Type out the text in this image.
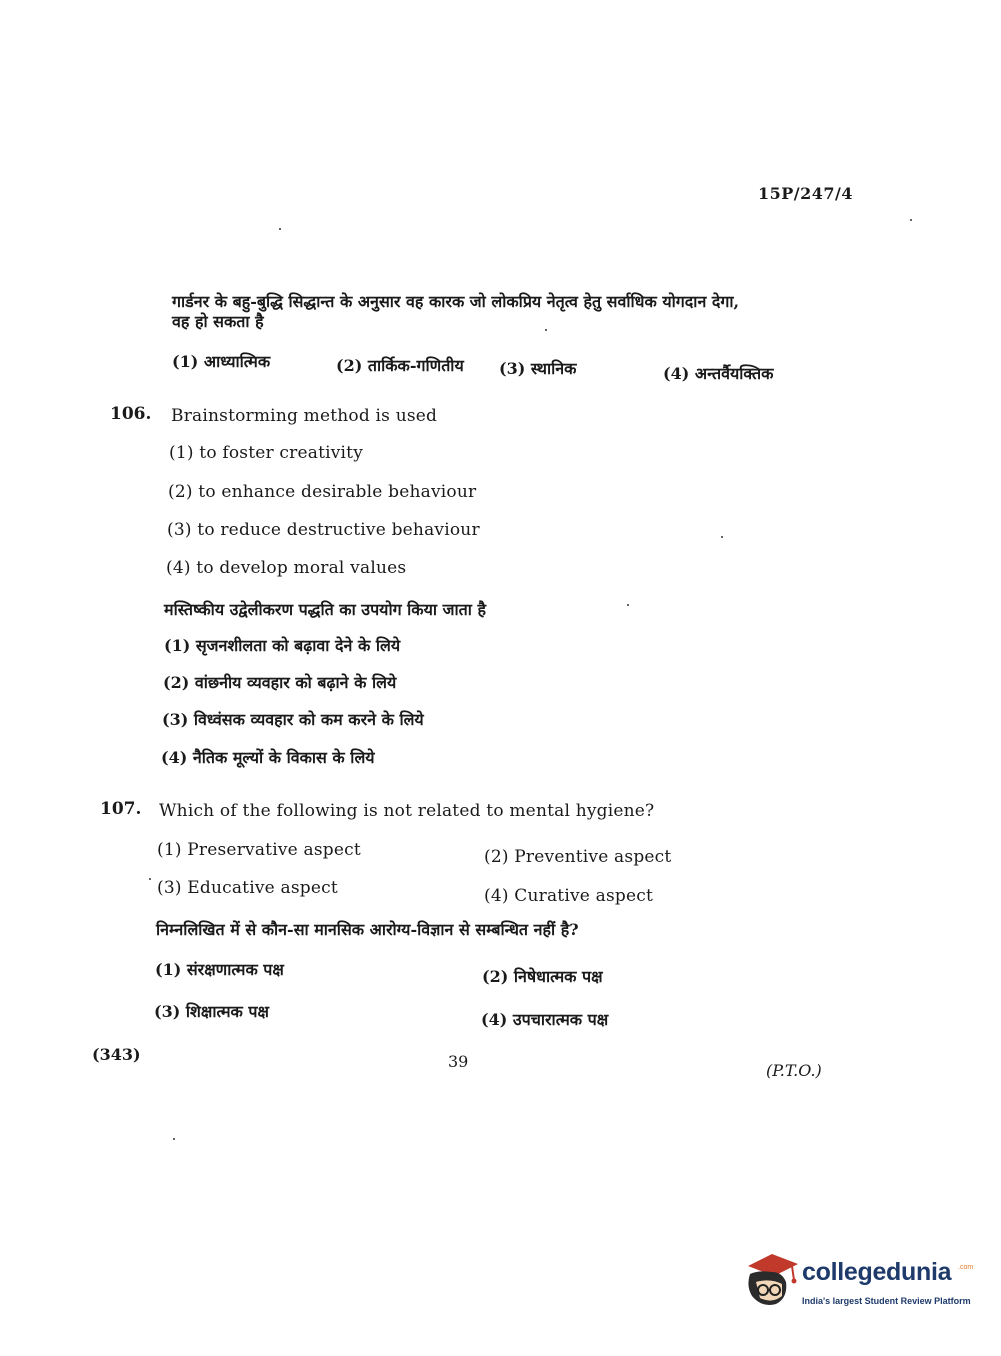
15P/247/4
गार्डनर के बहु-बुद्धि सिद्धान्त के अनुसार वह कारक जो लोकप्रिय नेतृत्व हेतु सर्वाधिक योगदान देगा,
वह हो सकता है
(1) आध्यात्मिक	(2) तार्किक-गणितीय (3) स्थानिक	(4) अन्तर्वैयक्तिक
106. Brainstorming method is used
(1) to foster creativity
(2) to enhance desirable behaviour
(3) to reduce destructive behaviour
(4) to develop moral values
मस्तिष्कीय उद्वेलीकरण पद्धति का उपयोग किया जाता है
(1) सृजनशीलता को बढ़ावा देने के लिये
(2) वांछनीय व्यवहार को बढ़ाने के लिये
(3) विध्वंसक व्यवहार को कम करने के लिये
(4) नैतिक मूल्यों के विकास के लिये
107. Which of the following is not related to mental hygiene?
(1) Preservative aspect	(2) Preventive aspect
(3) Educative aspect	(4) Curative aspect
निम्नलिखित में से कौन-सा मानसिक आरोग्य-विज्ञान से सम्बन्धित नहीं है?
(1) संरक्षणात्मक पक्ष	(2) निषेधात्मक पक्ष
(3) शिक्षात्मक पक्ष	(4) उपचारात्मक पक्ष
(343)	39	(P.T.O.)
collegedunia .com
India's largest Student Review Platform
